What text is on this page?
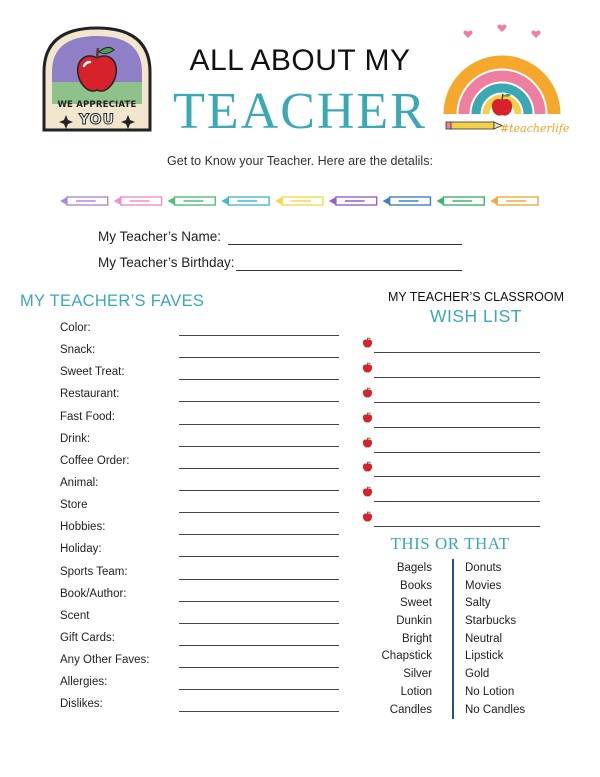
WE APPRECIATE
YOU
ALL ABOUT MY
TEACHER	#teacherlife
Get to Know your Teacher. Here are the detalils:
My Teacher’s Name:
My Teacher’s Birthday:
MY TEACHER’S FAVES
Color:
Snack:
Sweet Treat:
Restaurant:
Fast Food:
Drink:
Coffee Order:
Animal:
Store
Hobbies:
Holiday:
Sports Team:
Book/Author:
Scent
Gift Cards:
Any Other Faves:
Allergies:
Dislikes:
MY TEACHER’S CLASSROOM
WISH LIST
THIS OR THAT
Bagels
Books
Sweet
Dunkin
Bright
Chapstick
Silver
Lotion
Candles
Donuts
Movies
Salty
Starbucks
Neutral
Lipstick
Gold
No Lotion
No Candles
